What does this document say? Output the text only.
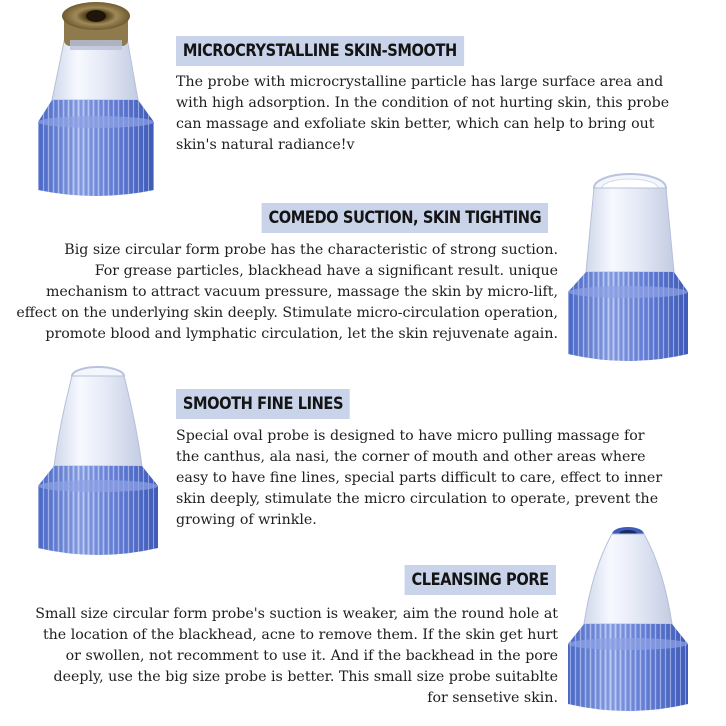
MICROCRYSTALLINE SKIN-SMOOTH
The probe with microcrystalline particle has large surface area and
with high adsorption. In the condition of not hurting skin, this probe
can massage and exfoliate skin better, which can help to bring out
skin's natural radiance!v
COMEDO SUCTION, SKIN TIGHTING
Big size circular form probe has the characteristic of strong suction.
For grease particles, blackhead have a significant result. unique
mechanism to attract vacuum pressure, massage the skin by micro-lift,
effect on the underlying skin deeply. Stimulate micro-circulation operation,
promote blood and lymphatic circulation, let the skin rejuvenate again.
SMOOTH FINE LINES
Special oval probe is designed to have micro pulling massage for
the canthus, ala nasi, the corner of mouth and other areas where
easy to have fine lines, special parts difficult to care, effect to inner
skin deeply, stimulate the micro circulation to operate, prevent the
growing of wrinkle.
CLEANSING PORE
Small size circular form probe's suction is weaker, aim the round hole at
the location of the blackhead, acne to remove them. If the skin get hurt
or swollen, not recomment to use it. And if the backhead in the pore
deeply, use the big size probe is better. This small size probe suitablte
for sensetive skin.
